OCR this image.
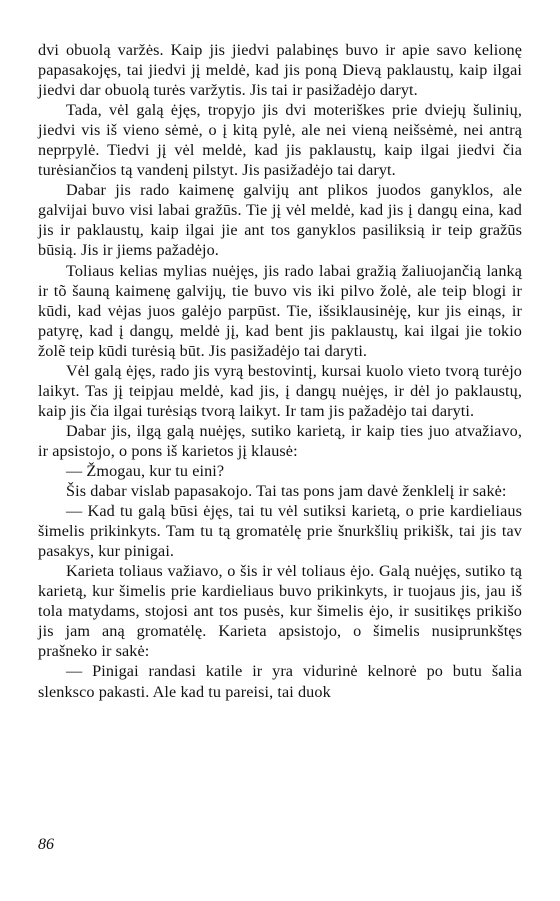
dvi obuolą varžės. Kaip jis jiedvi palabinęs buvo ir apie savo kelionę papasakojęs, tai jiedvi jį meldė, kad jis poną Dievą paklaustų, kaip ilgai jiedvi dar obuolą turės varžytis. Jis tai ir pasižadėjo daryt.

Tada, vėl galą ėjęs, tropyjo jis dvi moteriškes prie dviejų šulinių, jiedvi vis iš vieno sėmė, o į kitą pylė, ale nei vieną neišsėmė, nei antrą neprpylė. Tiedvi jį vėl meldė, kad jis paklaustų, kaip ilgai jiedvi čia turėsiančios tą vandenį pilstyt. Jis pasižadėjo tai daryt.

Dabar jis rado kaimenę galvijų ant plikos juodos ganyklos, ale galvijai buvo visi labai gražūs. Tie jį vėl meldė, kad jis į dangų eina, kad jis ir paklaustų, kaip ilgai jie ant tos ganyklos pasiliksią ir teip gražūs būsią. Jis ir jiems pažadėjo.

Toliaus kelias mylias nuėjęs, jis rado labai gražią žaliuojančią lanką ir tõ šauną kaimenę galvijų, tie buvo vis iki pilvo žolė, ale teip blogi ir kūdi, kad vėjas juos galėjo parpūst. Tie, išsiklausinėję, kur jis einąs, ir patyrę, kad į dangų, meldė jį, kad bent jis paklaustų, kai ilgai jie tokio žolẽ teip kūdi turėsią būt. Jis pasižadėjo tai daryti.

Vėl galą ėjęs, rado jis vyrą bestovintį, kursai kuolo vieto tvorą turėjo laikyt. Tas jį teipjau meldė, kad jis, į dangų nuėjęs, ir dėl jo paklaustų, kaip jis čia ilgai turėsiąs tvorą laikyt. Ir tam jis pažadėjo tai daryti.

Dabar jis, ilgą galą nuėjęs, sutiko karietą, ir kaip ties juo atvažiavo, ir apsistojo, o pons iš karietos jį klausė:

— Žmogau, kur tu eini?

Šis dabar vislab papasakojo. Tai tas pons jam davė ženklelį ir sakė:

— Kad tu galą būsi ėjęs, tai tu vėl sutiksi karietą, o prie kardieliaus šimelis prikinkyts. Tam tu tą gromatėlę prie šnurkšlių prikišk, tai jis tav pasakys, kur pinigai.

Karieta toliaus važiavo, o šis ir vėl toliaus ėjo. Galą nuėjęs, sutiko tą karietą, kur šimelis prie kardieliaus buvo prikinkyts, ir tuojaus jis, jau iš tola matydams, stojosi ant tos pusės, kur šimelis ėjo, ir susitikęs prikišo jis jam aną gromatėlę. Karieta apsistojo, o šimelis nusiprunkštęs prašneko ir sakė:

— Pinigai randasi katile ir yra vidurinė kelnorė po butu šalia slenkscо pakasti. Ale kad tu pareisi, tai duok

86
